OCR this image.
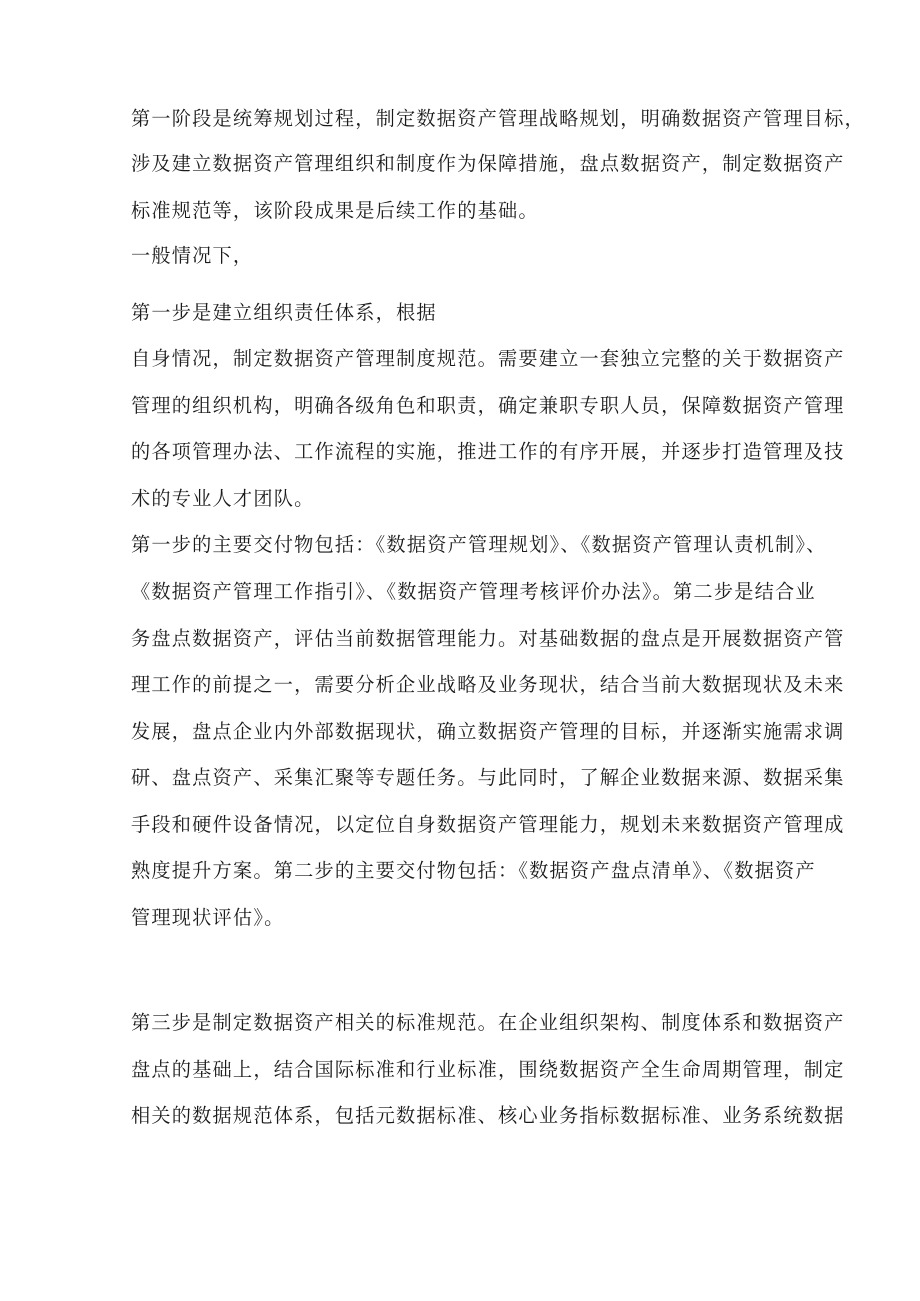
第一阶段是统筹规划过程，制定数据资产管理战略规划，明确数据资产管理目标，
涉及建立数据资产管理组织和制度作为保障措施，盘点数据资产，制定数据资产
标准规范等，该阶段成果是后续工作的基础。
一般情况下，
第一步是建立组织责任体系，根据
自身情况，制定数据资产管理制度规范。需要建立一套独立完整的关于数据资产
管理的组织机构，明确各级角色和职责，确定兼职专职人员，保障数据资产管理
的各项管理办法、工作流程的实施，推进工作的有序开展，并逐步打造管理及技
术的专业人才团队。
第一步的主要交付物包括：《数据资产管理规划》、《数据资产管理认责机制》、
《数据资产管理工作指引》、《数据资产管理考核评价办法》。第二步是结合业
务盘点数据资产，评估当前数据管理能力。对基础数据的盘点是开展数据资产管
理工作的前提之一，需要分析企业战略及业务现状，结合当前大数据现状及未来
发展，盘点企业内外部数据现状，确立数据资产管理的目标，并逐渐实施需求调
研、盘点资产、采集汇聚等专题任务。与此同时，了解企业数据来源、数据采集
手段和硬件设备情况，以定位自身数据资产管理能力，规划未来数据资产管理成
熟度提升方案。第二步的主要交付物包括：《数据资产盘点清单》、《数据资产
管理现状评估》。
第三步是制定数据资产相关的标准规范。在企业组织架构、制度体系和数据资产
盘点的基础上，结合国际标准和行业标准，围绕数据资产全生命周期管理，制定
相关的数据规范体系，包括元数据标准、核心业务指标数据标准、业务系统数据
